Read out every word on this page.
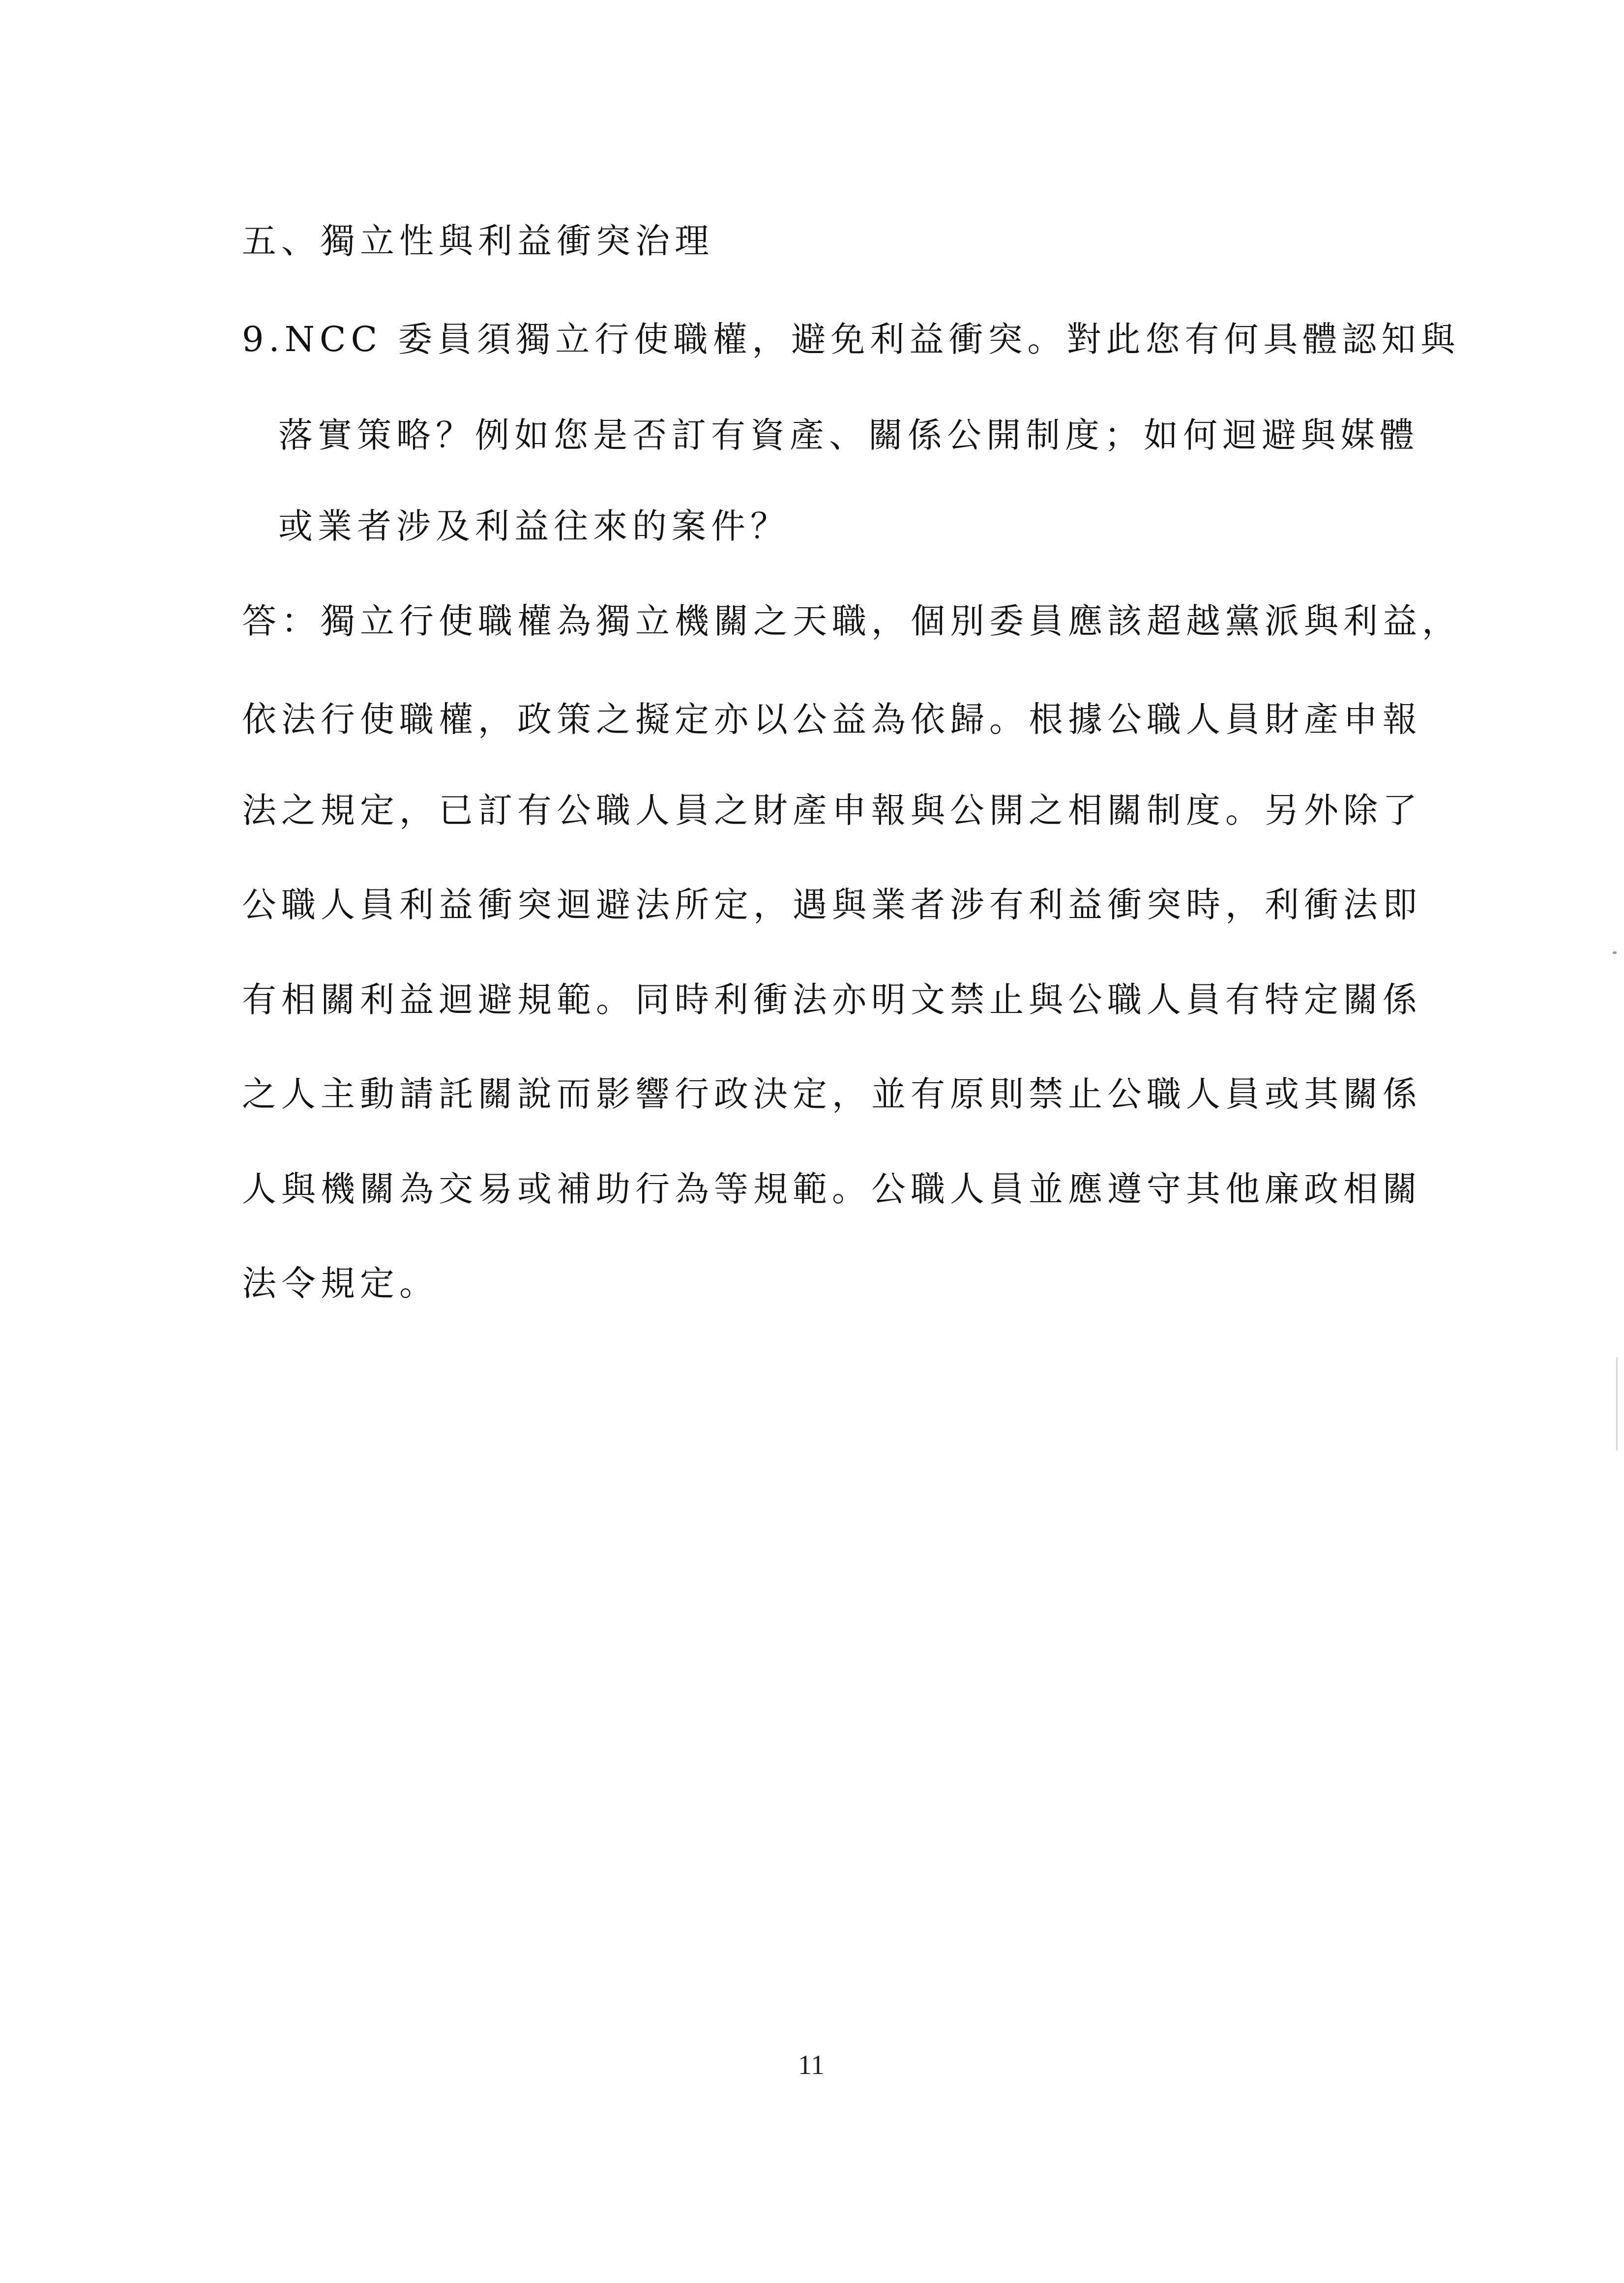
五、獨立性與利益衝突治理
9.NCC 委員須獨立行使職權，避免利益衝突。對此您有何具體認知與
落實策略？例如您是否訂有資產、關係公開制度；如何迴避與媒體
或業者涉及利益往來的案件？
答：獨立行使職權為獨立機關之天職，個別委員應該超越黨派與利益，
依法行使職權，政策之擬定亦以公益為依歸。根據公職人員財產申報
法之規定，已訂有公職人員之財產申報與公開之相關制度。另外除了
公職人員利益衝突迴避法所定，遇與業者涉有利益衝突時，利衝法即
有相關利益迴避規範。同時利衝法亦明文禁止與公職人員有特定關係
之人主動請託關說而影響行政決定，並有原則禁止公職人員或其關係
人與機關為交易或補助行為等規範。公職人員並應遵守其他廉政相關
法令規定。
11
